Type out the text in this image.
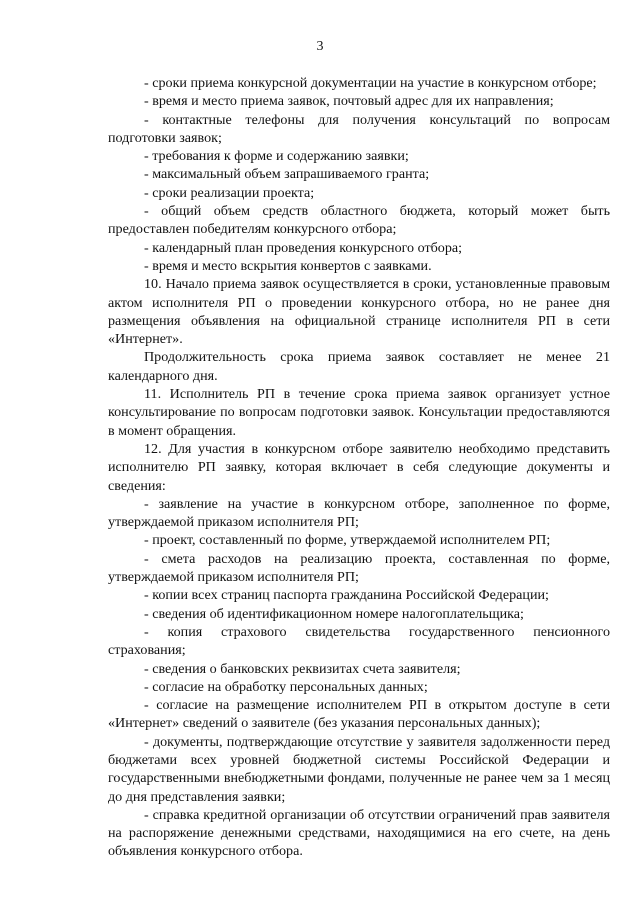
3

- сроки приема конкурсной документации на участие в конкурсном отборе;

- время и место приема заявок, почтовый адрес для их направления;

- контактные телефоны для получения консультаций по вопросам подготовки заявок;

- требования к форме и содержанию заявки;

- максимальный объем запрашиваемого гранта;

- сроки реализации проекта;

- общий объем средств областного бюджета, который может быть предоставлен победителям конкурсного отбора;

- календарный план проведения конкурсного отбора;

- время и место вскрытия конвертов с заявками.

10. Начало приема заявок осуществляется в сроки, установленные правовым актом исполнителя РП о проведении конкурсного отбора, но не ранее дня размещения объявления на официальной странице исполнителя РП в сети «Интернет».

Продолжительность срока приема заявок составляет не менее 21 календарного дня.

11. Исполнитель РП в течение срока приема заявок организует устное консультирование по вопросам подготовки заявок. Консультации предоставляются в момент обращения.

12. Для участия в конкурсном отборе заявителю необходимо представить исполнителю РП заявку, которая включает в себя следующие документы и сведения:

- заявление на участие в конкурсном отборе, заполненное по форме, утверждаемой приказом исполнителя РП;

- проект, составленный по форме, утверждаемой исполнителем РП;

- смета расходов на реализацию проекта, составленная по форме, утверждаемой приказом исполнителя РП;

- копии всех страниц паспорта гражданина Российской Федерации;

- сведения об идентификационном номере налогоплательщика;

- копия страхового свидетельства государственного пенсионного страхования;

- сведения о банковских реквизитах счета заявителя;

- согласие на обработку персональных данных;

- согласие на размещение исполнителем РП в открытом доступе в сети «Интернет» сведений о заявителе (без указания персональных данных);

- документы, подтверждающие отсутствие у заявителя задолженности перед бюджетами всех уровней бюджетной системы Российской Федерации и государственными внебюджетными фондами, полученные не ранее чем за 1 месяц до дня представления заявки;

- справка кредитной организации об отсутствии ограничений прав заявителя на распоряжение денежными средствами, находящимися на его счете, на день объявления конкурсного отбора.
